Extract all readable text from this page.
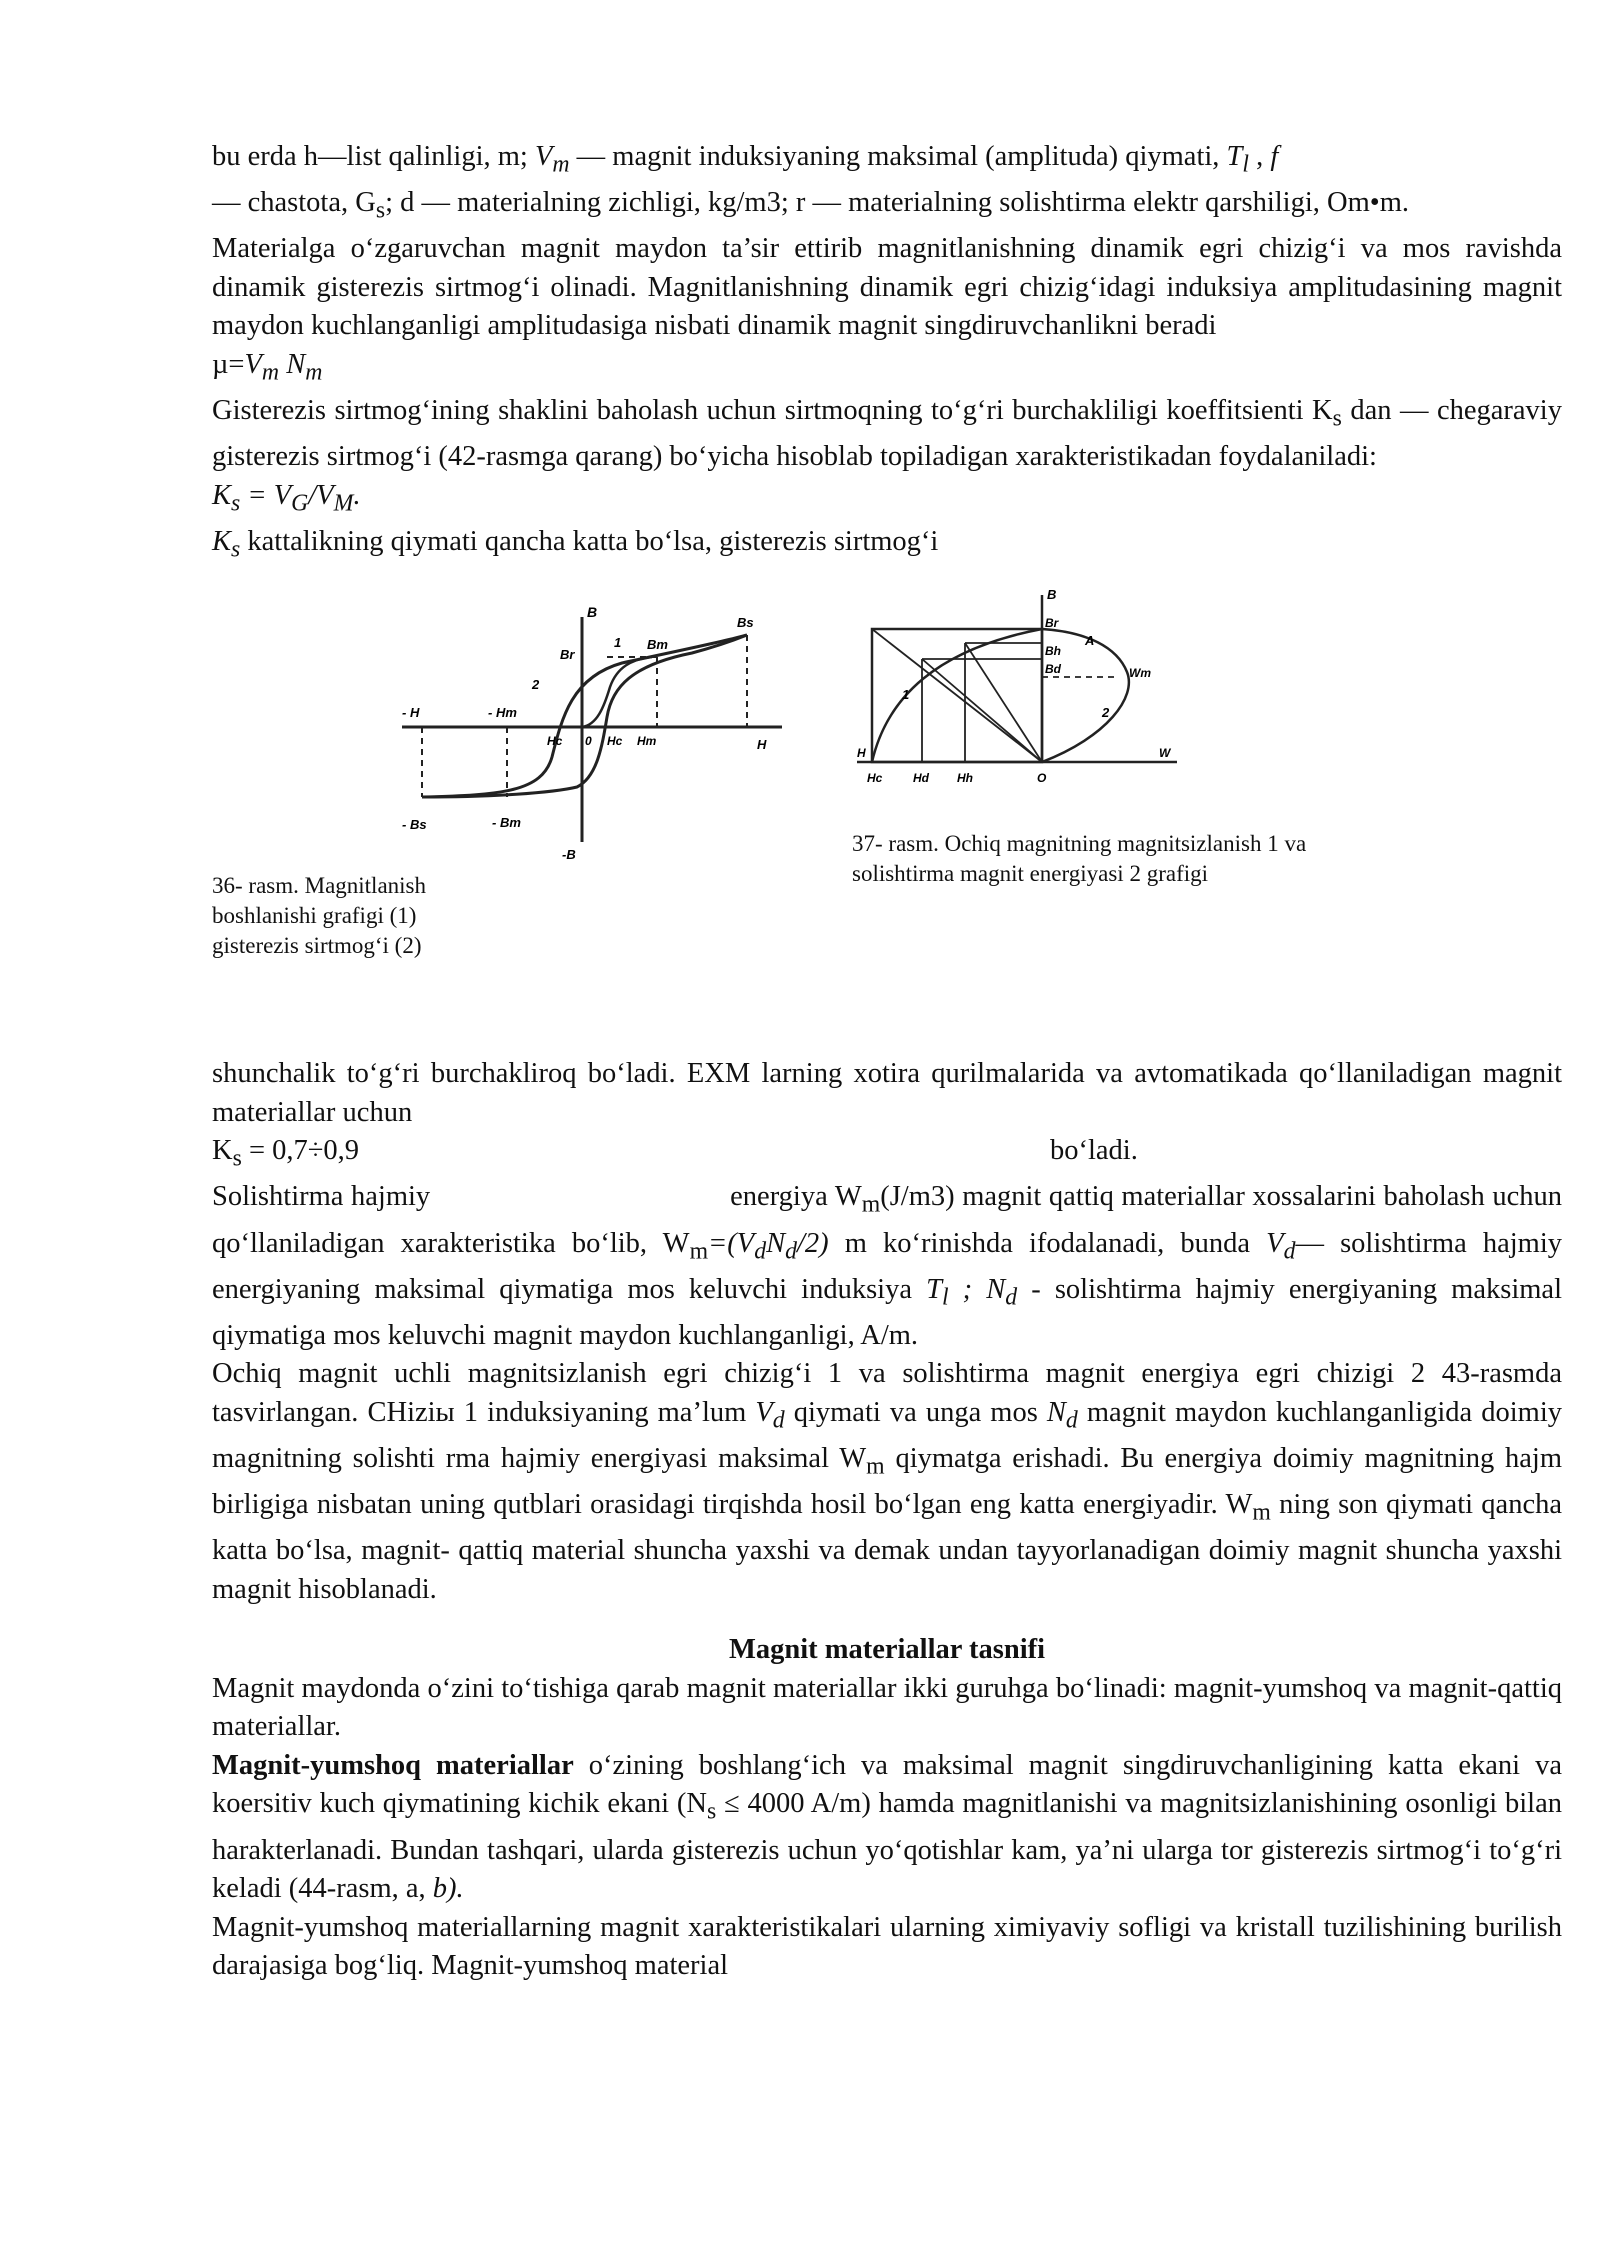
bu erda h—list qalinligi, m; $V_m$ — magnit induksiyaning maksimal (amplituda) qiymati, $T_l$ , f
— chastota, $G_s$; d — materialning zichligi, kg/m3; r — materialning solishtirma elektr qarshiligi, Om•m.

Materialga o‘zgaruvchan magnit maydon ta’sir ettirib magnitlanishning dinamik egri chizig‘i va mos ravishda dinamik gisterezis sirtmog‘i olinadi. Magnitlanishning dinamik egri chizig‘idagi induksiya amplitudasining magnit maydon kuchlanganligi amplitudasiga nisbati dinamik magnit singdiruvchanlikni beradi

$\mu=V_m$ $N_m$

Gisterezis sirtmog‘ining shaklini baholash uchun sirtmoqning to‘g‘ri burchakliligi koeffitsienti $K_s$ dan — chegaraviy gisterezis sirtmog‘i (42-rasmga qarang) bo‘yicha hisoblab topiladigan xarakteristikadan foydalaniladi:

$K_s = V_G/V_M$.

$K_s$ kattalikning qiymati qancha katta bo‘lsa, gisterezis sirtmog‘i

B
Bs
Bm
Br
1
2
- H	- Hm
Hc 0 Hc Hm	H
- Bs	- Bm
-B
B
Br
Bh
Bd
A
Wm
1
2
H
Hc	Hd Hh	O
W

37- rasm. Ochiq magnitning magnitsizlanish 1 va solishtirma magnit energiyasi 2 grafigi

36- rasm. Magnitlanish boshlanishi grafigi (1) gisterezis sirtmog‘i (2)

shunchalik to‘g‘ri burchakliroq bo‘ladi. EXM larning xotira qurilmalarida va avtomatikada qo‘llaniladigan magnit materiallar uchun

$K_s = 0,7\div 0,9$	bo‘ladi.

Solishtirma hajmiy	energiya $W_m(J/m3)$ magnit qattiq materiallar xossalarini baholash uchun qo‘llaniladigan xarakteristika bo‘lib, $W_m=(V_dN_d/2)$ m ko‘rinishda ifodalanadi, bunda $V_d—$ solishtirma hajmiy energiyaning maksimal qiymatiga mos keluvchi induksiya $T_l$ ; $N_d$ - solishtirma hajmiy energiyaning maksimal qiymatiga mos keluvchi magnit maydon kuchlanganligi, A/m.

Ochiq magnit uchli magnitsizlanish egri chizig‘i 1 va solishtirma magnit energiya egri chizigi 2 43-rasmda tasvirlangan. CHiziы 1 induksiyaning ma’lum $V_d$ qiymati va unga mos $N_d$ magnit maydon kuchlanganligida doimiy magnitning solishti rma hajmiy energiyasi maksimal $W_m$ qiymatga erishadi. Bu energiya doimiy magnitning hajm birligiga nisbatan uning qutblari orasidagi tirqishda hosil bo‘lgan eng katta energiyadir. $W_m$ ning son qiymati qancha katta bo‘lsa, magnit- qattiq material shuncha yaxshi va demak undan tayyorlanadigan doimiy magnit shuncha yaxshi magnit hisoblanadi.

Magnit materiallar tasnifi

Magnit maydonda o‘zini to‘tishiga qarab magnit materiallar ikki guruhga bo‘linadi: magnit-yumshoq va magnit-qattiq materiallar.

Magnit-yumshoq materiallar o‘zining boshlang‘ich va maksimal magnit singdiruvchanligining katta ekani va koersitiv kuch qiymatining kichik ekani ($N_s \le 4000$ A/m) hamda magnitlanishi va magnitsizlanishining osonligi bilan harakterlanadi. Bundan tashqari, ularda gisterezis uchun yo‘qotishlar kam, ya’ni ularga tor gisterezis sirtmog‘i to‘g‘ri keladi (44-rasm, a, b).

Magnit-yumshoq materiallarning magnit xarakteristikalari ularning ximiyaviy sofligi va kristall tuzilishining burilish darajasiga bog‘liq. Magnit-yumshoq material
